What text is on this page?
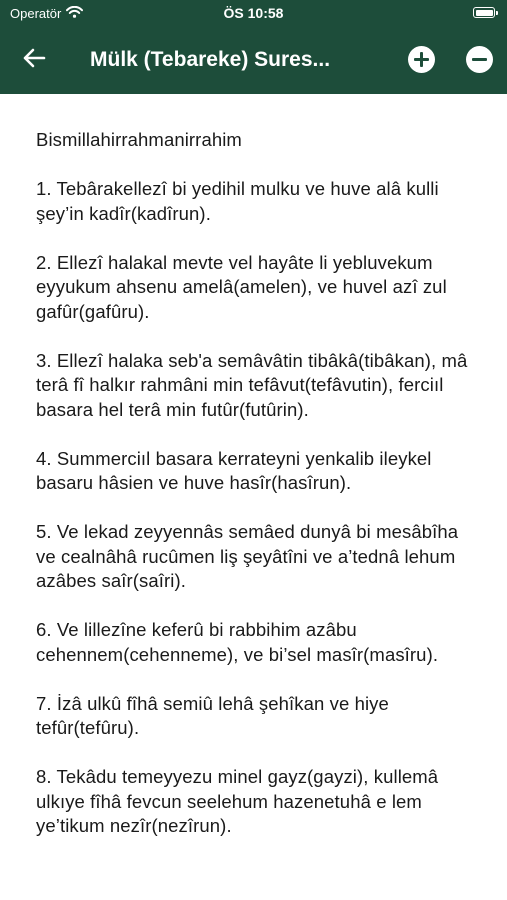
Operatör	ÖS 10:58
Mülk (Tebareke) Sures...

Bismillahirrahmanirrahim

1. Tebârakellezî bi yedihil mulku ve huve alâ kulli şey’in kadîr(kadîrun).

2. Ellezî halakal mevte vel hayâte li yebluvekum eyyukum ahsenu amelâ(amelen), ve huvel azî zul gafûr(gafûru).

3. Ellezî halaka seb'a semâvâtin tibâkâ(tibâkan), mâ terâ fî halkır rahmâni min tefâvut(tefâvutin), ferciıl basara hel terâ min futûr(futûrin).

4. Summerciıl basara kerrateyni yenkalib ileykel basaru hâsien ve huve hasîr(hasîrun).

5. Ve lekad zeyyennâs semâed dunyâ bi mesâbîha ve cealnâhâ rucûmen liş şeyâtîni ve a’tednâ lehum azâbes saîr(saîri).

6. Ve lillezîne keferû bi rabbihim azâbu cehennem(cehenneme), ve bi’sel masîr(masîru).

7. İzâ ulkû fîhâ semiû lehâ şehîkan ve hiye tefûr(tefûru).

8. Tekâdu temeyyezu minel gayz(gayzi), kullemâ ulkıye fîhâ fevcun seelehum hazenetuhâ e lem ye’tikum nezîr(nezîrun).
